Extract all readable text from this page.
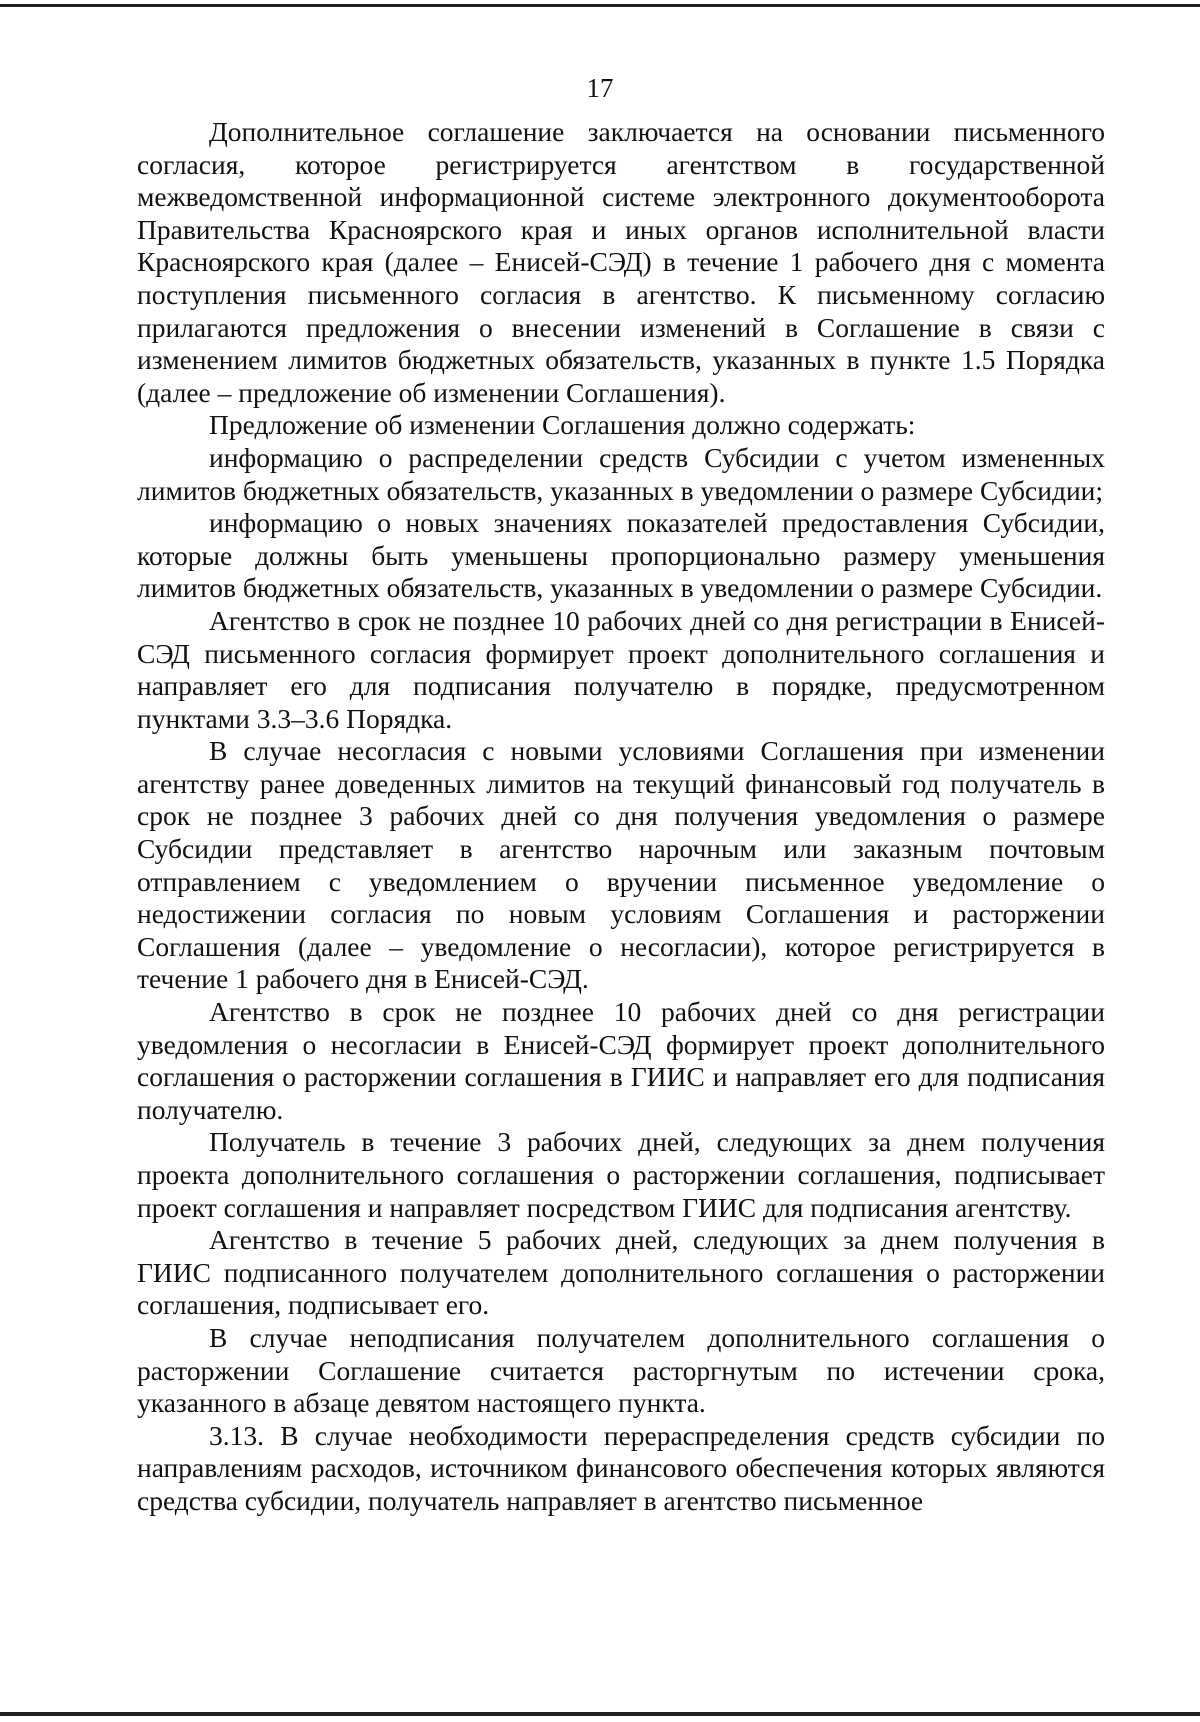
17

Дополнительное соглашение заключается на основании письменного согласия, которое регистрируется агентством в государственной межведомственной информационной системе электронного документооборота Правительства Красноярского края и иных органов исполнительной власти Красноярского края (далее – Енисей-СЭД) в течение 1 рабочего дня с момента поступления письменного согласия в агентство. К письменному согласию прилагаются предложения о внесении изменений в Соглашение в связи с изменением лимитов бюджетных обязательств, указанных в пункте 1.5 Порядка (далее – предложение об изменении Соглашения).

Предложение об изменении Соглашения должно содержать:

информацию о распределении средств Субсидии с учетом измененных лимитов бюджетных обязательств, указанных в уведомлении о размере Субсидии;

информацию о новых значениях показателей предоставления Субсидии, которые должны быть уменьшены пропорционально размеру уменьшения лимитов бюджетных обязательств, указанных в уведомлении о размере Субсидии.

Агентство в срок не позднее 10 рабочих дней со дня регистрации в Енисей-СЭД письменного согласия формирует проект дополнительного соглашения и направляет его для подписания получателю в порядке, предусмотренном пунктами 3.3–3.6 Порядка.

В случае несогласия с новыми условиями Соглашения при изменении агентству ранее доведенных лимитов на текущий финансовый год получатель в срок не позднее 3 рабочих дней со дня получения уведомления о размере Субсидии представляет в агентство нарочным или заказным почтовым отправлением с уведомлением о вручении письменное уведомление о недостижении согласия по новым условиям Соглашения и расторжении Соглашения (далее – уведомление о несогласии), которое регистрируется в течение 1 рабочего дня в Енисей-СЭД.

Агентство в срок не позднее 10 рабочих дней со дня регистрации уведомления о несогласии в Енисей-СЭД формирует проект дополнительного соглашения о расторжении соглашения в ГИИС и направляет его для подписания получателю.

Получатель в течение 3 рабочих дней, следующих за днем получения проекта дополнительного соглашения о расторжении соглашения, подписывает проект соглашения и направляет посредством ГИИС для подписания агентству.

Агентство в течение 5 рабочих дней, следующих за днем получения в ГИИС подписанного получателем дополнительного соглашения о расторжении соглашения, подписывает его.

В случае неподписания получателем дополнительного соглашения о расторжении Соглашение считается расторгнутым по истечении срока, указанного в абзаце девятом настоящего пункта.

3.13. В случае необходимости перераспределения средств субсидии по направлениям расходов, источником финансового обеспечения которых являются средства субсидии, получатель направляет в агентство письменное
